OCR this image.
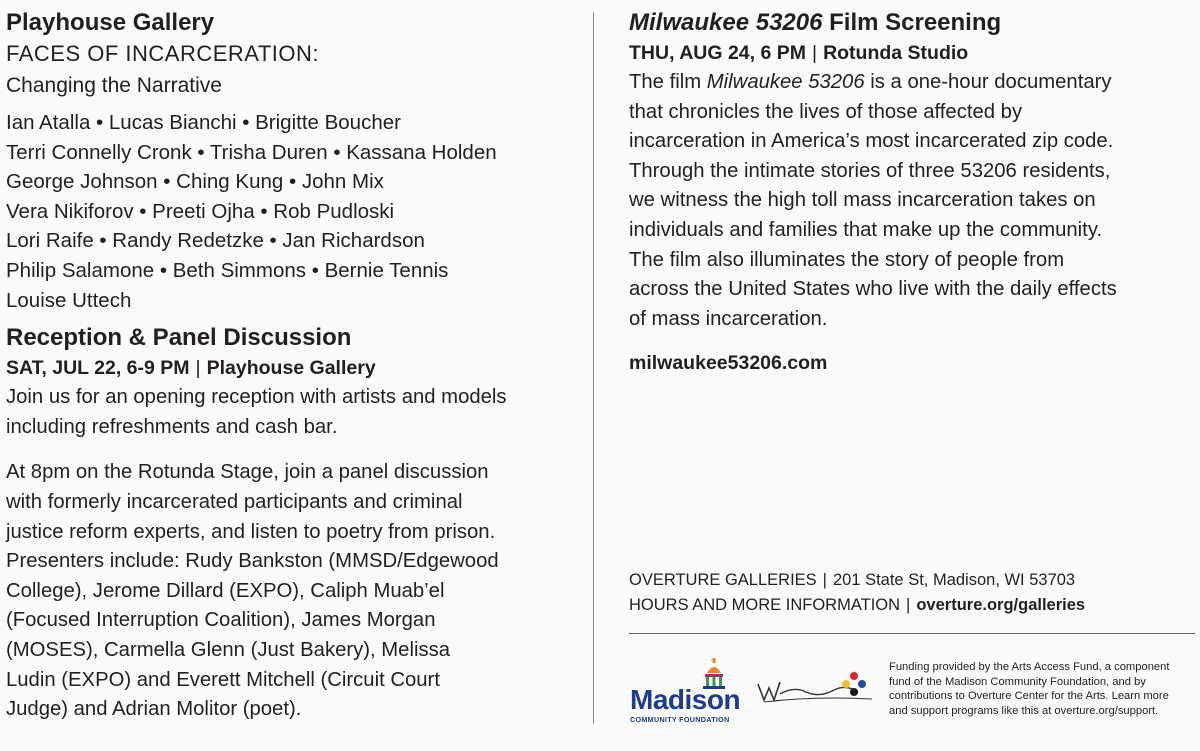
Playhouse Gallery

FACES OF INCARCERATION:

Changing the Narrative

Ian Atalla • Lucas Bianchi • Brigitte Boucher
Terri Connelly Cronk • Trisha Duren • Kassana Holden
George Johnson • Ching Kung • John Mix
Vera Nikiforov • Preeti Ojha • Rob Pudloski
Lori Raife • Randy Redetzke • Jan Richardson
Philip Salamone • Beth Simmons • Bernie Tennis
Louise Uttech

Reception & Panel Discussion

SAT, JUL 22, 6-9 PM | Playhouse Gallery

Join us for an opening reception with artists and models
including refreshments and cash bar.
At 8pm on the Rotunda Stage, join a panel discussion
with formerly incarcerated participants and criminal
justice reform experts, and listen to poetry from prison.
Presenters include: Rudy Bankston (MMSD/Edgewood
College), Jerome Dillard (EXPO), Caliph Muab’el
(Focused Interruption Coalition), James Morgan
(MOSES), Carmella Glenn (Just Bakery), Melissa
Ludin (EXPO) and Everett Mitchell (Circuit Court
Judge) and Adrian Molitor (poet).

Milwaukee 53206 Film Screening

THU, AUG 24, 6 PM | Rotunda Studio

The film Milwaukee 53206 is a one-hour documentary
that chronicles the lives of those affected by
incarceration in America’s most incarcerated zip code.
Through the intimate stories of three 53206 residents,
we witness the high toll mass incarceration takes on
individuals and families that make up the community.
The film also illuminates the story of people from
across the United States who live with the daily effects
of mass incarceration.

milwaukee53206.com

OVERTURE GALLERIES | 201 State St, Madison, WI 53703
HOURS AND MORE INFORMATION | overture.org/galleries
Madison
COMMUNITY FOUNDATION
Funding provided by the Arts Access Fund, a component
fund of the Madison Community Foundation, and by
contributions to Overture Center for the Arts. Learn more
and support programs like this at overture.org/support.
